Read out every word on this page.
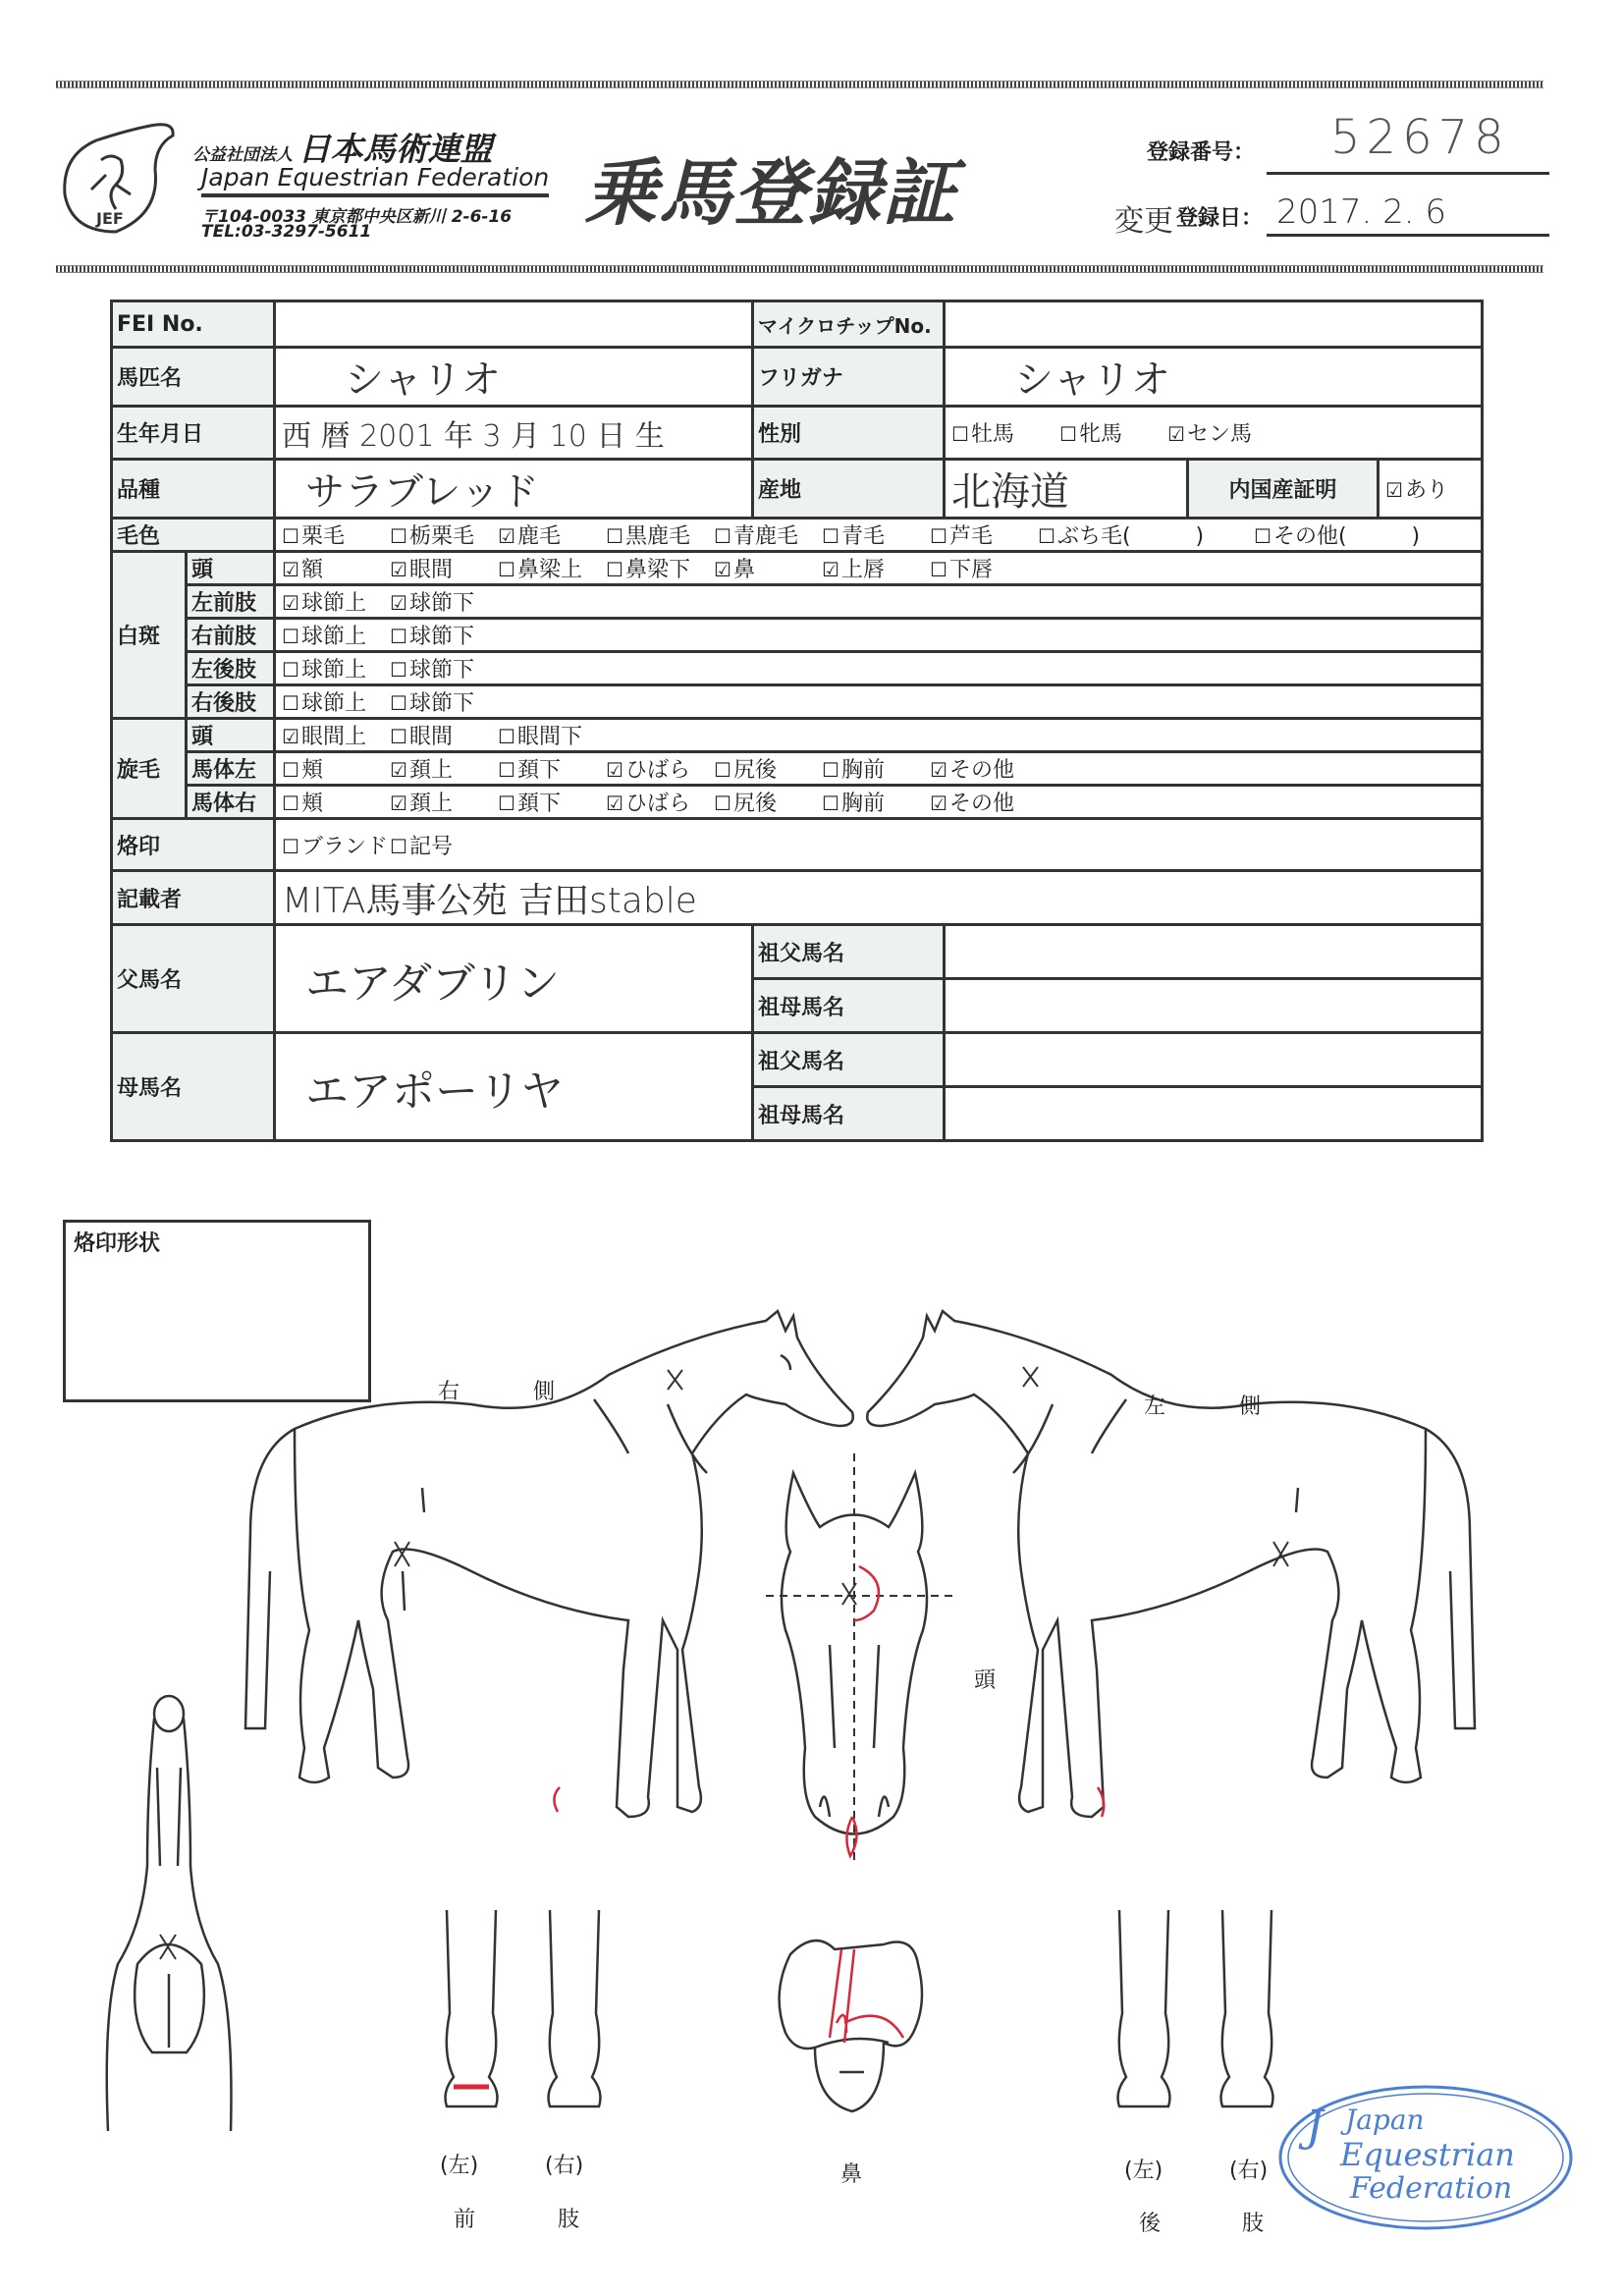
JEF
公益社団法人 日本馬術連盟
Japan Equestrian Federation
〒104-0033 東京都中央区新川 2-6-16
TEL:03-3297-5611	乗馬登録証	登録番号： 52678
変更 登録日： 2017. 2. 6
FEI No.			マイクロチップNo.			
馬匹名		シャリオ	フリガナ	シャリオ		
生年月日		西 暦 2001 年 3 月 10 日 生	性別	☐牡馬 ☐牝馬 ☑セン馬		
品種		サラブレッド	産地	北海道	内国産証明	☑あり
毛色		☐栗毛 ☐栃栗毛 ☑鹿毛 ☐黒鹿毛 ☐青鹿毛 ☐青毛 ☐芦毛 ☐ぶち毛(　　　) ☐その他(　　　)				
白斑	頭	☑額 ☑眼間 ☐鼻梁上 ☐鼻梁下 ☑鼻 ☑上唇 ☐下唇				
	左前肢	☑球節上 ☑球節下				
	右前肢	☐球節上 ☐球節下				
	左後肢	☐球節上 ☐球節下				
	右後肢	☐球節上 ☐球節下				
旋毛	頭	☑眼間上 ☐眼間 ☐眼間下				
	馬体左	☐頬 ☑頚上 ☐頚下 ☑ひばら ☐尻後 ☐胸前 ☑その他				
	馬体右	☐頬 ☑頚上 ☐頚下 ☑ひばら ☐尻後 ☐胸前 ☑その他				
烙印		☐ブランド ☐記号				
記載者		MITA馬事公苑 吉田stable				
父馬名		エアダブリン	祖父馬名			
			祖母馬名			
母馬名		エアポーリヤ	祖父馬名			
			祖母馬名			
烙印形状
J Japan
Equestrian
Federation
右	側
左	側
頭
鼻
(左)	(右)
前	肢
(左)	(右)
後	肢
